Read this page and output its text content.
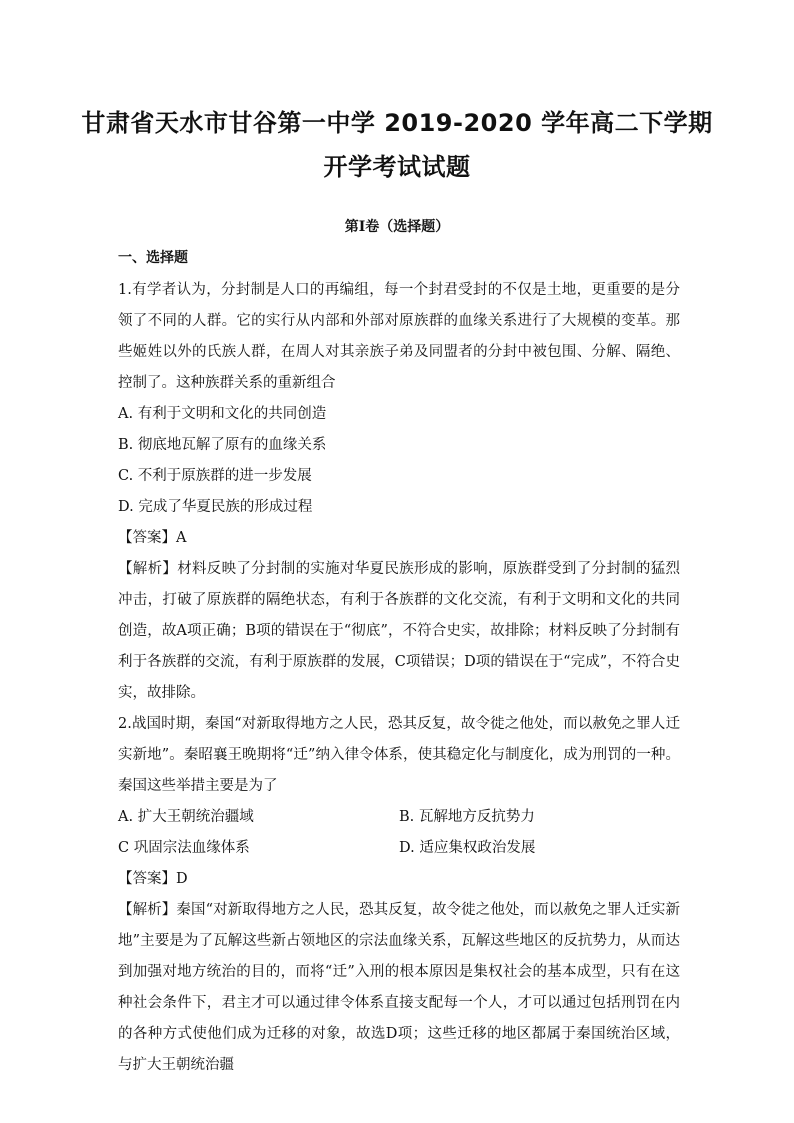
甘肃省天水市甘谷第一中学 2019-2020 学年高二下学期
开学考试试题
第Ⅰ卷（选择题）
一、选择题

1.有学者认为，分封制是人口的再编组，每一个封君受封的不仅是土地，更重要的是分领了不同的人群。它的实行从内部和外部对原族群的血缘关系进行了大规模的变革。那些姬姓以外的氏族人群，在周人对其亲族子弟及同盟者的分封中被包围、分解、隔绝、控制了。这种族群关系的重新组合

A. 有利于文明和文化的共同创造

B. 彻底地瓦解了原有的血缘关系

C. 不利于原族群的进一步发展

D. 完成了华夏民族的形成过程

【答案】A

【解析】材料反映了分封制的实施对华夏民族形成的影响，原族群受到了分封制的猛烈冲击，打破了原族群的隔绝状态，有利于各族群的文化交流，有利于文明和文化的共同创造，故A项正确；B项的错误在于“彻底”，不符合史实，故排除；材料反映了分封制有利于各族群的交流，有利于原族群的发展，C项错误；D项的错误在于“完成”，不符合史实，故排除。

2.战国时期，秦国“对新取得地方之人民，恐其反复，故令徙之他处，而以赦免之罪人迁实新地”。秦昭襄王晚期将“迁”纳入律令体系，使其稳定化与制度化，成为刑罚的一种。秦国这些举措主要是为了

A. 扩大王朝统治疆域	B. 瓦解地方反抗势力
C 巩固宗法血缘体系	D. 适应集权政治发展

【答案】D

【解析】秦国“对新取得地方之人民，恐其反复，故令徙之他处，而以赦免之罪人迁实新地”主要是为了瓦解这些新占领地区的宗法血缘关系，瓦解这些地区的反抗势力，从而达到加强对地方统治的目的，而将“迁”入刑的根本原因是集权社会的基本成型，只有在这种社会条件下，君主才可以通过律令体系直接支配每一个人，才可以通过包括刑罚在内的各种方式使他们成为迁移的对象，故选D项；这些迁移的地区都属于秦国统治区域，与扩大王朝统治疆
